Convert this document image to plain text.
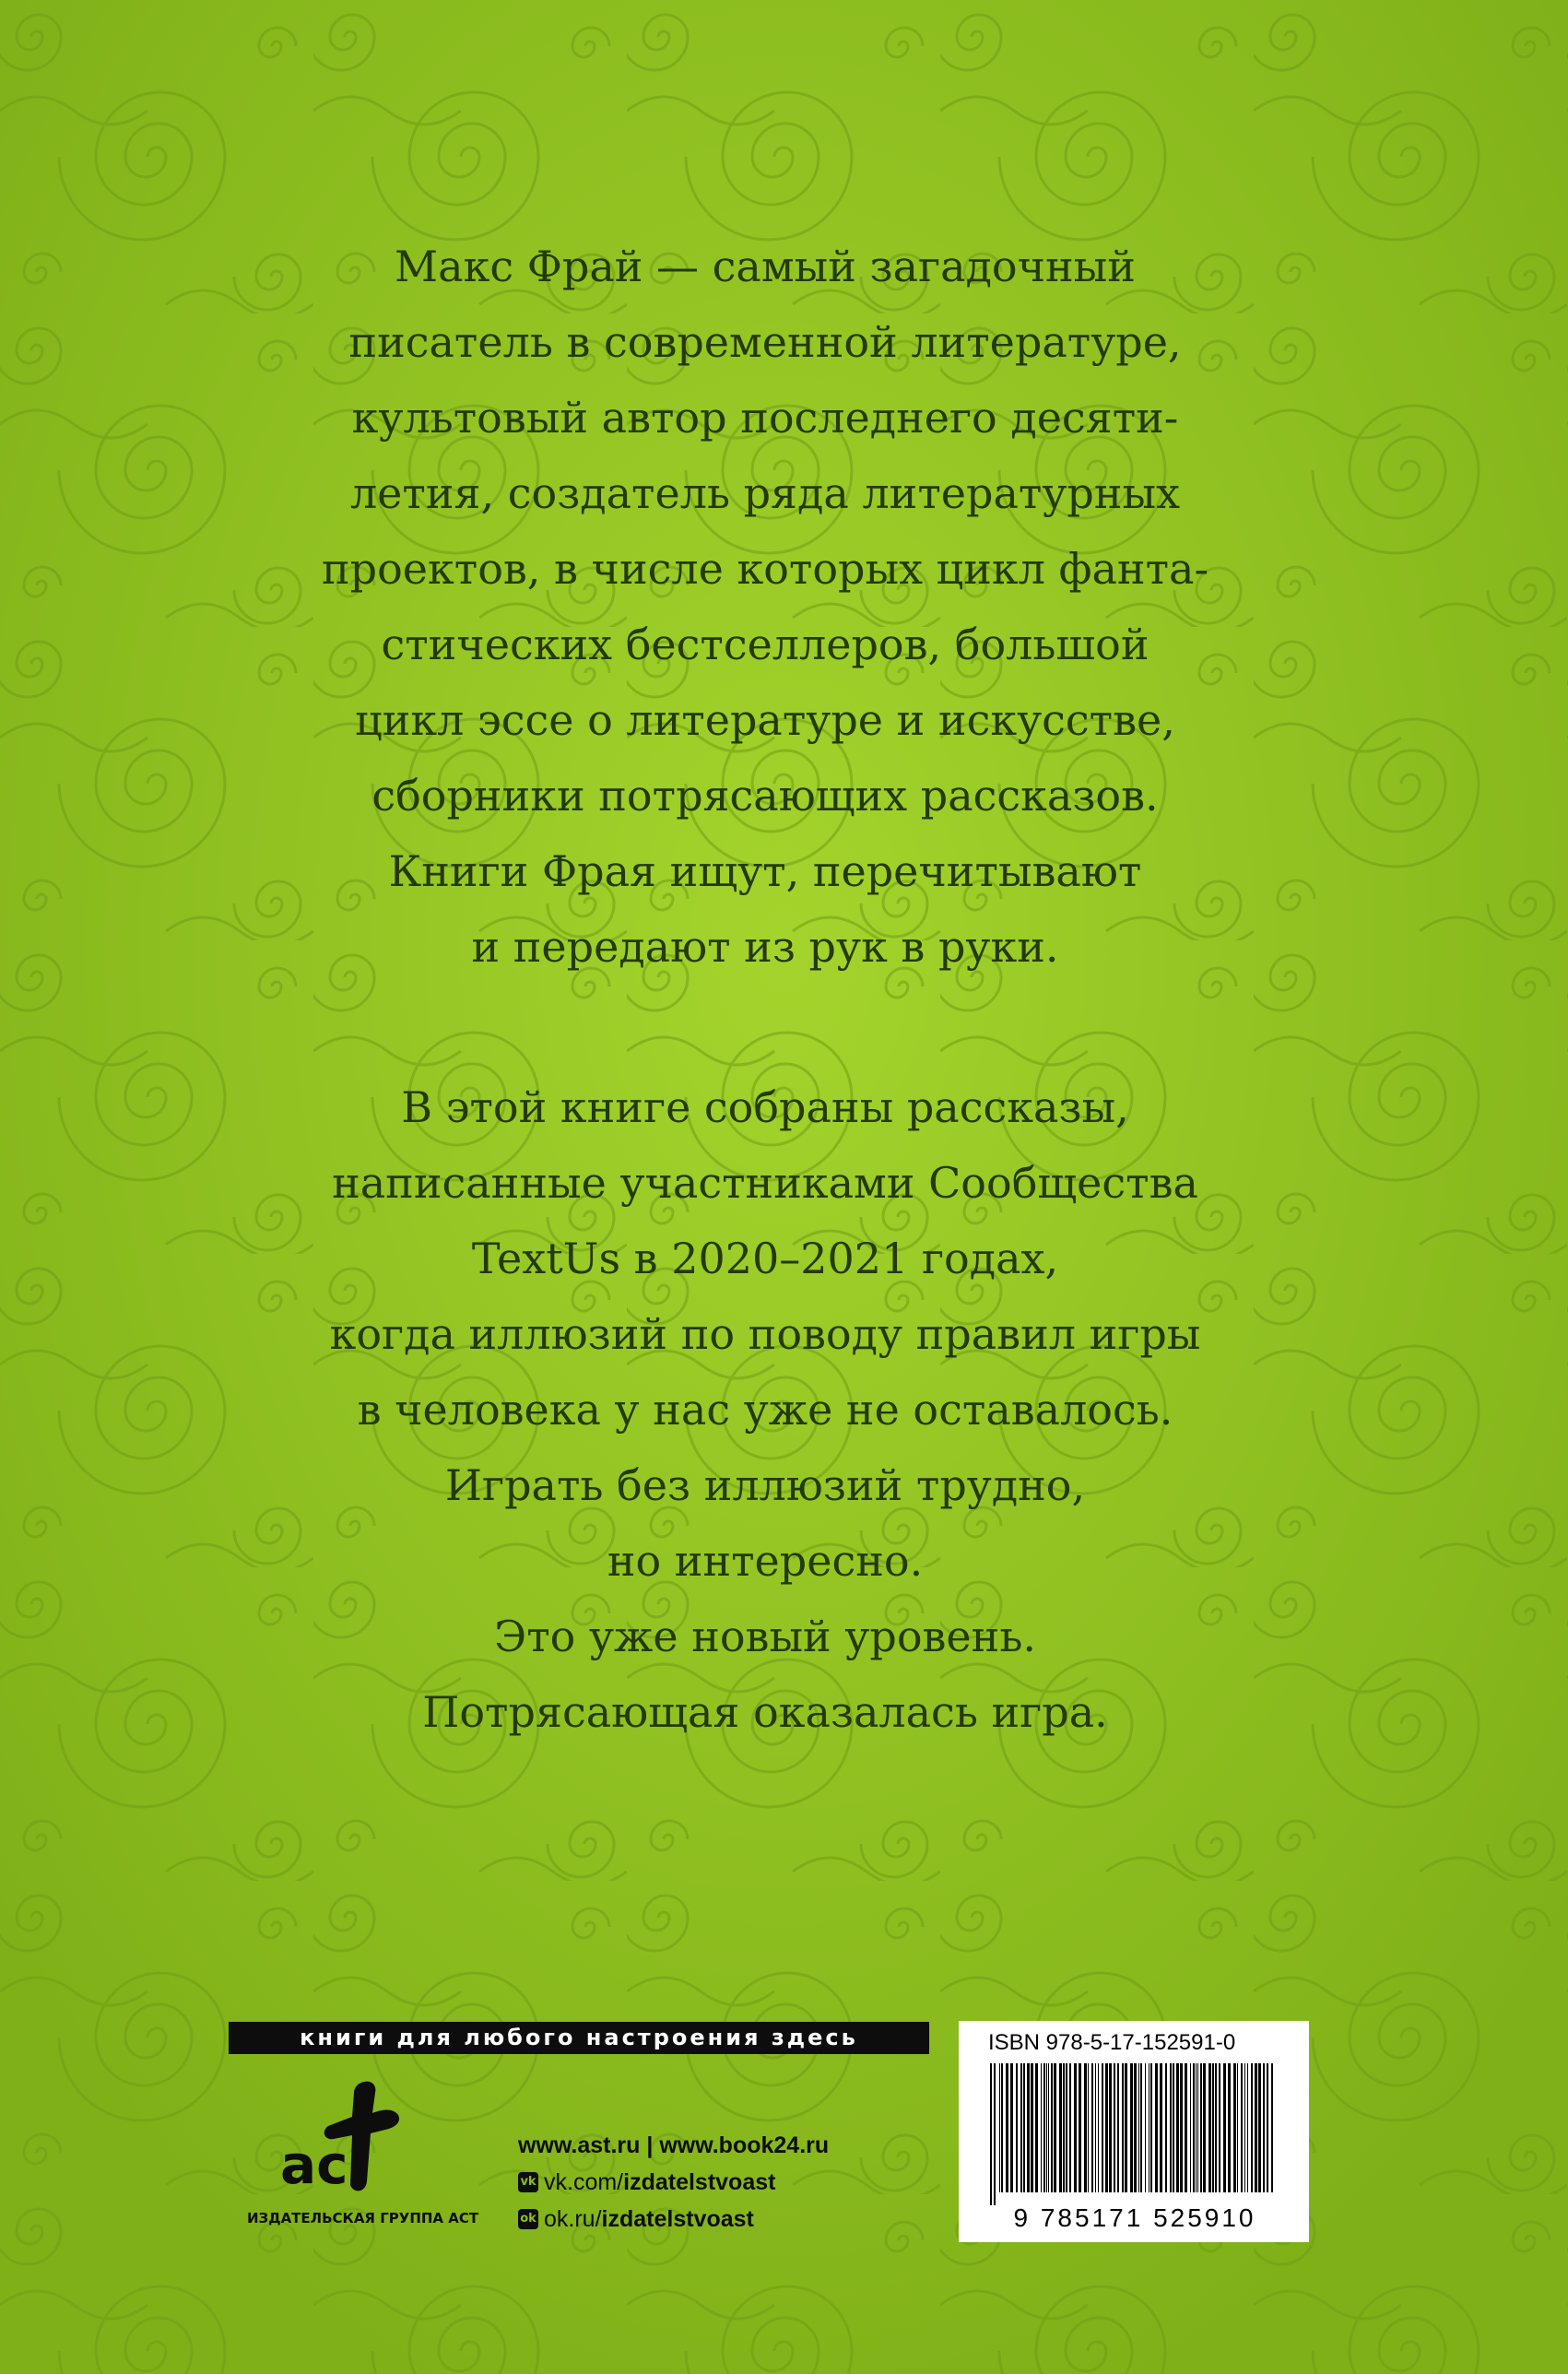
Макс Фрай — самый загадочный
писатель в современной литературе,
культовый автор последнего десяти-
летия, создатель ряда литературных
проектов, в числе которых цикл фанта-
стических бестселлеров, большой
цикл эссе о литературе и искусстве,
сборники потрясающих рассказов.
Книги Фрая ищут, перечитывают
и передают из рук в руки.
В этой книге собраны рассказы,
написанные участниками Сообщества
TextUs в 2020–2021 годах,
когда иллюзий по поводу правил игры
в человека у нас уже не оставалось.
Играть без иллюзий трудно,
но интересно.
Это уже новый уровень.
Потрясающая оказалась игра.
книги для любого настроения здесь
ac
ИЗДАТЕЛЬСКАЯ ГРУППА АСТ
www.ast.ru | www.book24.ru
vk vk.com/ izdatelstvoast
ok ok.ru/ izdatelstvoast
ISBN 978-5-17-152591-0
9 785171 525910
